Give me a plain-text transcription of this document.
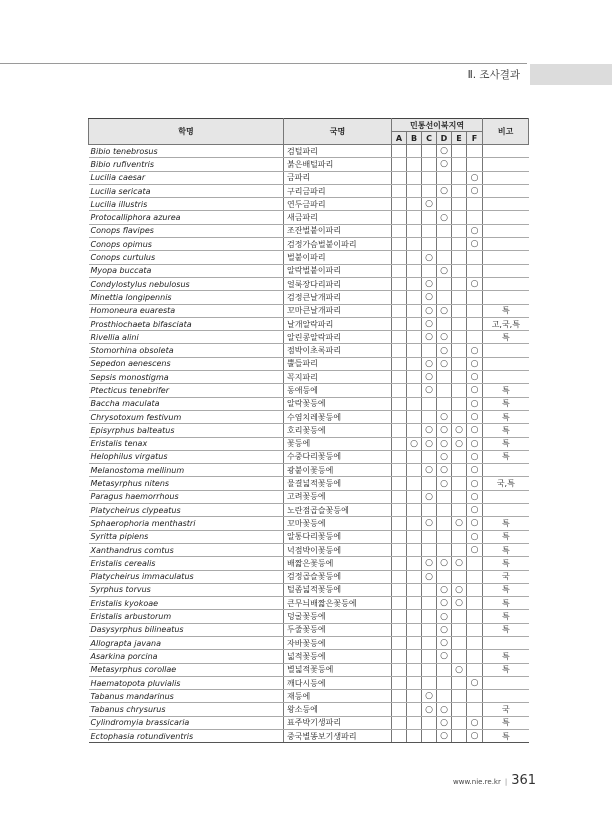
Ⅱ. 조사결과
학명	국명	민통선이북지역						비고
		A	B	C	D	E	F	
Bibio tenebrosus	검털파리				○			
Bibio rufiventris	붉은배털파리				○			
Lucilia caesar	금파리						○	
Lucilia sericata	구리금파리				○		○	
Lucilia illustris	연두금파리			○				
Protocalliphora azurea	새금파리				○			
Conops flavipes	조잔벌붙이파리						○	
Conops opimus	검정가슴벌붙이파리						○	
Conops curtulus	벌붙이파리			○				
Myopa buccata	알락벌붙이파리				○			
Condylostylus nebulosus	얼룩장다리파리			○			○	
Minettia longipennis	검정큰날개파리			○				
Homoneura euaresta	꼬마큰날개파리			○	○			특
Prosthiochaeta bifasciata	날개알락파리			○				고,국,특
Rivellia alini	알린콩알락파리			○	○			특
Stomorhina obsoleta	점박이초록파리				○		○	
Sepedon aenescens	뿔들파리			○	○		○	
Sepsis monostigma	꼭지파리			○			○	
Ptecticus tenebrifer	동애등에			○			○	특
Baccha maculata	알락꽃등에						○	특
Chrysotoxum festivum	수염치레꽃등에				○		○	특
Episyrphus balteatus	호리꽃등에			○	○	○	○	특
Eristalis tenax	꽃등에		○	○	○	○	○	특
Helophilus virgatus	수중다리꽃등에				○		○	특
Melanostoma mellinum	광붙이꽃등에			○	○		○	
Metasyrphus nitens	물결넓적꽃등에				○		○	국,특
Paragus haemorrhous	고려꽃등에			○			○	
Platycheirus clypeatus	노란점곱슬꽃등에						○	
Sphaerophoria menthastri	꼬마꽃등에			○		○	○	특
Syritta pipiens	알통다리꽃등에						○	특
Xanthandrus comtus	넉점박이꽃등에						○	특
Eristalis cerealis	배짧은꽃등에			○	○	○		특
Platycheirus immaculatus	검정곱슬꽃등에			○				국
Syrphus torvus	털좀넓적꽃등에				○	○		특
Eristalis kyokoae	큰무늬배짧은꽃등에				○	○		특
Eristalis arbustorum	덩굴꽃등에				○			특
Dasysyrphus bilineatus	두줄꽃등에				○			특
Allograpta javana	자바꽃등에				○			
Asarkina porcina	넓적꽃등에				○			특
Metasyrphus corollae	별넓적꽃등에					○		특
Haematopota pluvialis	깨다시등에						○	
Tabanus mandarinus	재등에			○				
Tabanus chrysurus	왕소등에			○	○			국
Cylindromyia brassicaria	표주박기생파리				○		○	특
Ectophasia rotundiventris	중국별똥보기생파리				○		○	특
www.nie.re.kr | 361
